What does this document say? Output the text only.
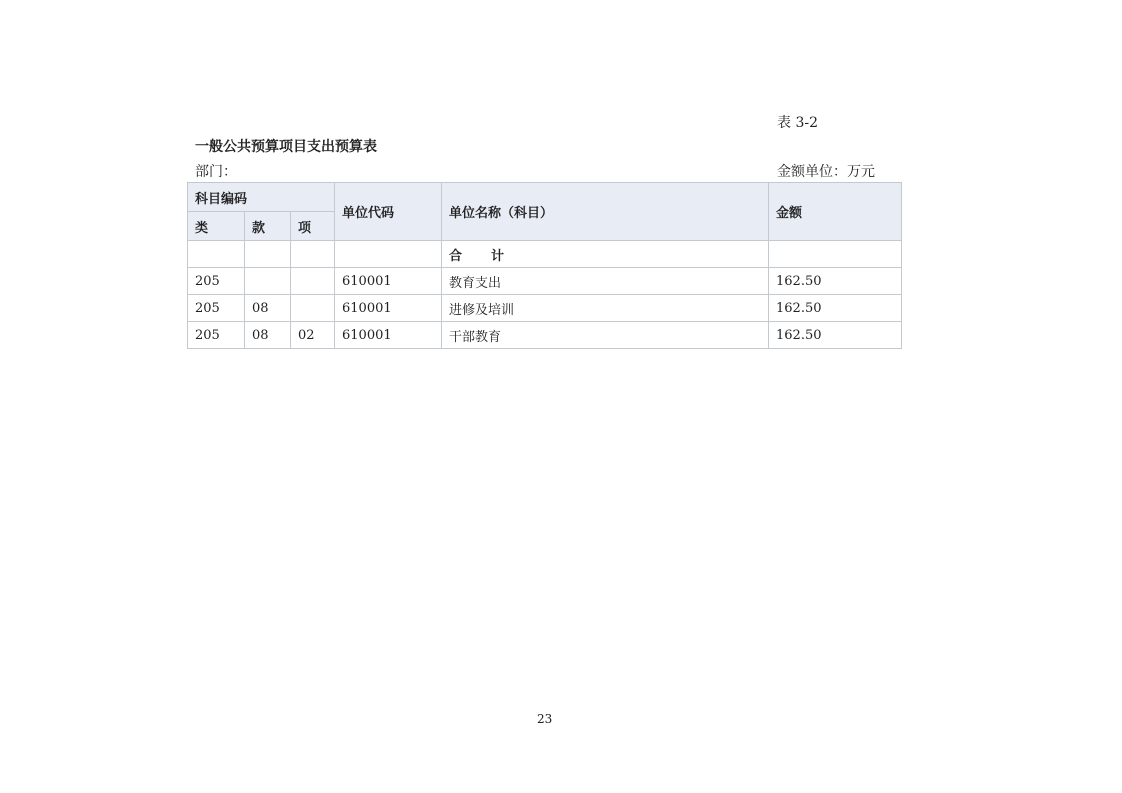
表 3-2
一般公共预算项目支出预算表
部门：	金额单位：万元
科目编码			单位代码	单位名称（科目）	金额
类	款	项			
				合 计	
205			610001	教育支出	162.50
205	08		610001	进修及培训	162.50
205	08	02	610001	干部教育	162.50
23
